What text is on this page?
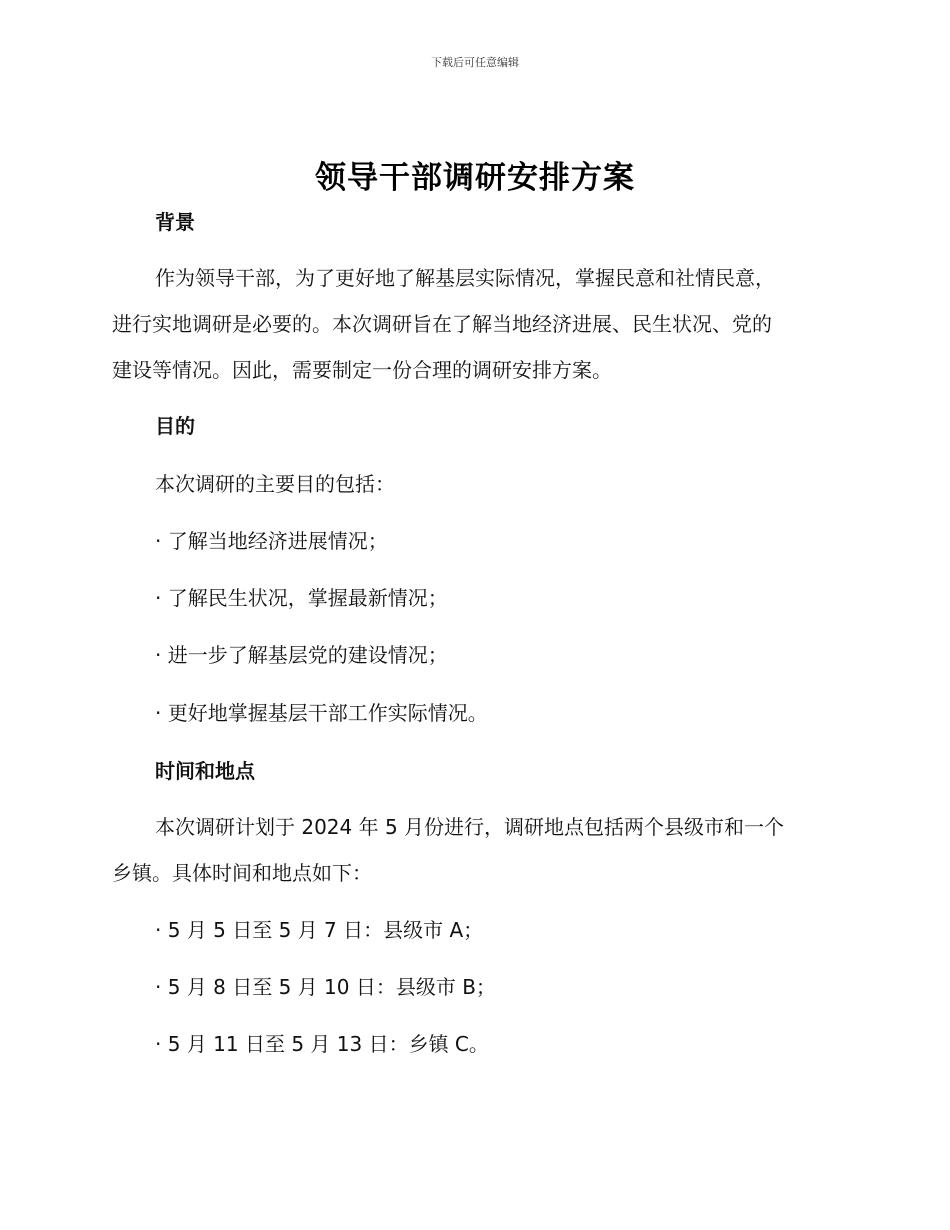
下载后可任意编辑
领导干部调研安排方案
背景
作为领导干部，为了更好地了解基层实际情况，掌握民意和社情民意，
进行实地调研是必要的。本次调研旨在了解当地经济进展、民生状况、党的
建设等情况。因此，需要制定一份合理的调研安排方案。
目的
本次调研的主要目的包括：
· 了解当地经济进展情况；
· 了解民生状况，掌握最新情况；
· 进一步了解基层党的建设情况；
· 更好地掌握基层干部工作实际情况。
时间和地点
本次调研计划于 2024 年 5 月份进行，调研地点包括两个县级市和一个
乡镇。具体时间和地点如下：
· 5 月 5 日至 5 月 7 日：县级市 A；
· 5 月 8 日至 5 月 10 日：县级市 B；
· 5 月 11 日至 5 月 13 日：乡镇 C。
